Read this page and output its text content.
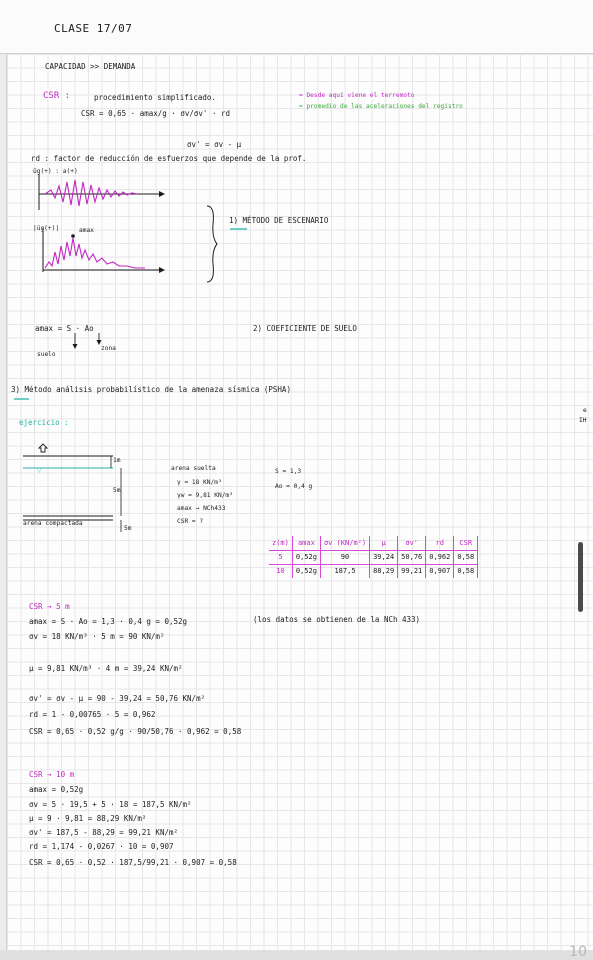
CLASE 17/07
CAPACIDAD >> DEMANDA
CSR :	procedimiento simplificado.
CSR = 0,65 · amax/g · σv/σv' · rd
σv' = σv - μ
= Desde aquí viene el terremoto
= promedio de las aceleraciones del registro
rd : factor de reducción de esfuerzos que depende de la prof.
üg(+) : a(+)
|üg(+)|	amax
1) MÉTODO DE ESCENARIO
amax = S · Ao
suelo
zona
2) COEFICIENTE DE SUELO
3) Método análisis probabilístico de la amenaza sísmica (PSHA)
ejercicio :
▽
1m
5m
5m
arena compactada
arena suelta
γ = 18 KN/m³
γw = 9,81 KN/m³
amax → NCh433
CSR = ?
S = 1,3
Ao = 0,4 g
z(m)	amax	σv (KN/m²)	μ	σv'	rd	CSR
5	0,52g	90	39,24	50,76	0,962	0,58
10	0,52g	187,5	88,29	99,21	0,907	0,58
CSR → 5 m
amax = S · Ao = 1,3 · 0,4 g = 0,52g	(los datos se obtienen de la NCh 433)
σv = 18 KN/m³ · 5 m = 90 KN/m²
μ = 9,81 KN/m³ · 4 m = 39,24 KN/m²
σv' = σv - μ = 90 - 39,24 = 50,76 KN/m²
rd = 1 - 0,00765 · 5 = 0,962
CSR = 0,65 · 0,52 g/g · 90/50,76 · 0,962 = 0,58
CSR → 10 m
amax = 0,52g
σv = 5 · 19,5 + 5 · 18 = 187,5 KN/m²
μ = 9 · 9,81 = 88,29 KN/m²
σv' = 187,5 - 88,29 = 99,21 KN/m²
rd = 1,174 - 0,0267 · 10 = 0,907
CSR = 0,65 · 0,52 · 187,5/99,21 · 0,907 = 0,58
e
IH
10
